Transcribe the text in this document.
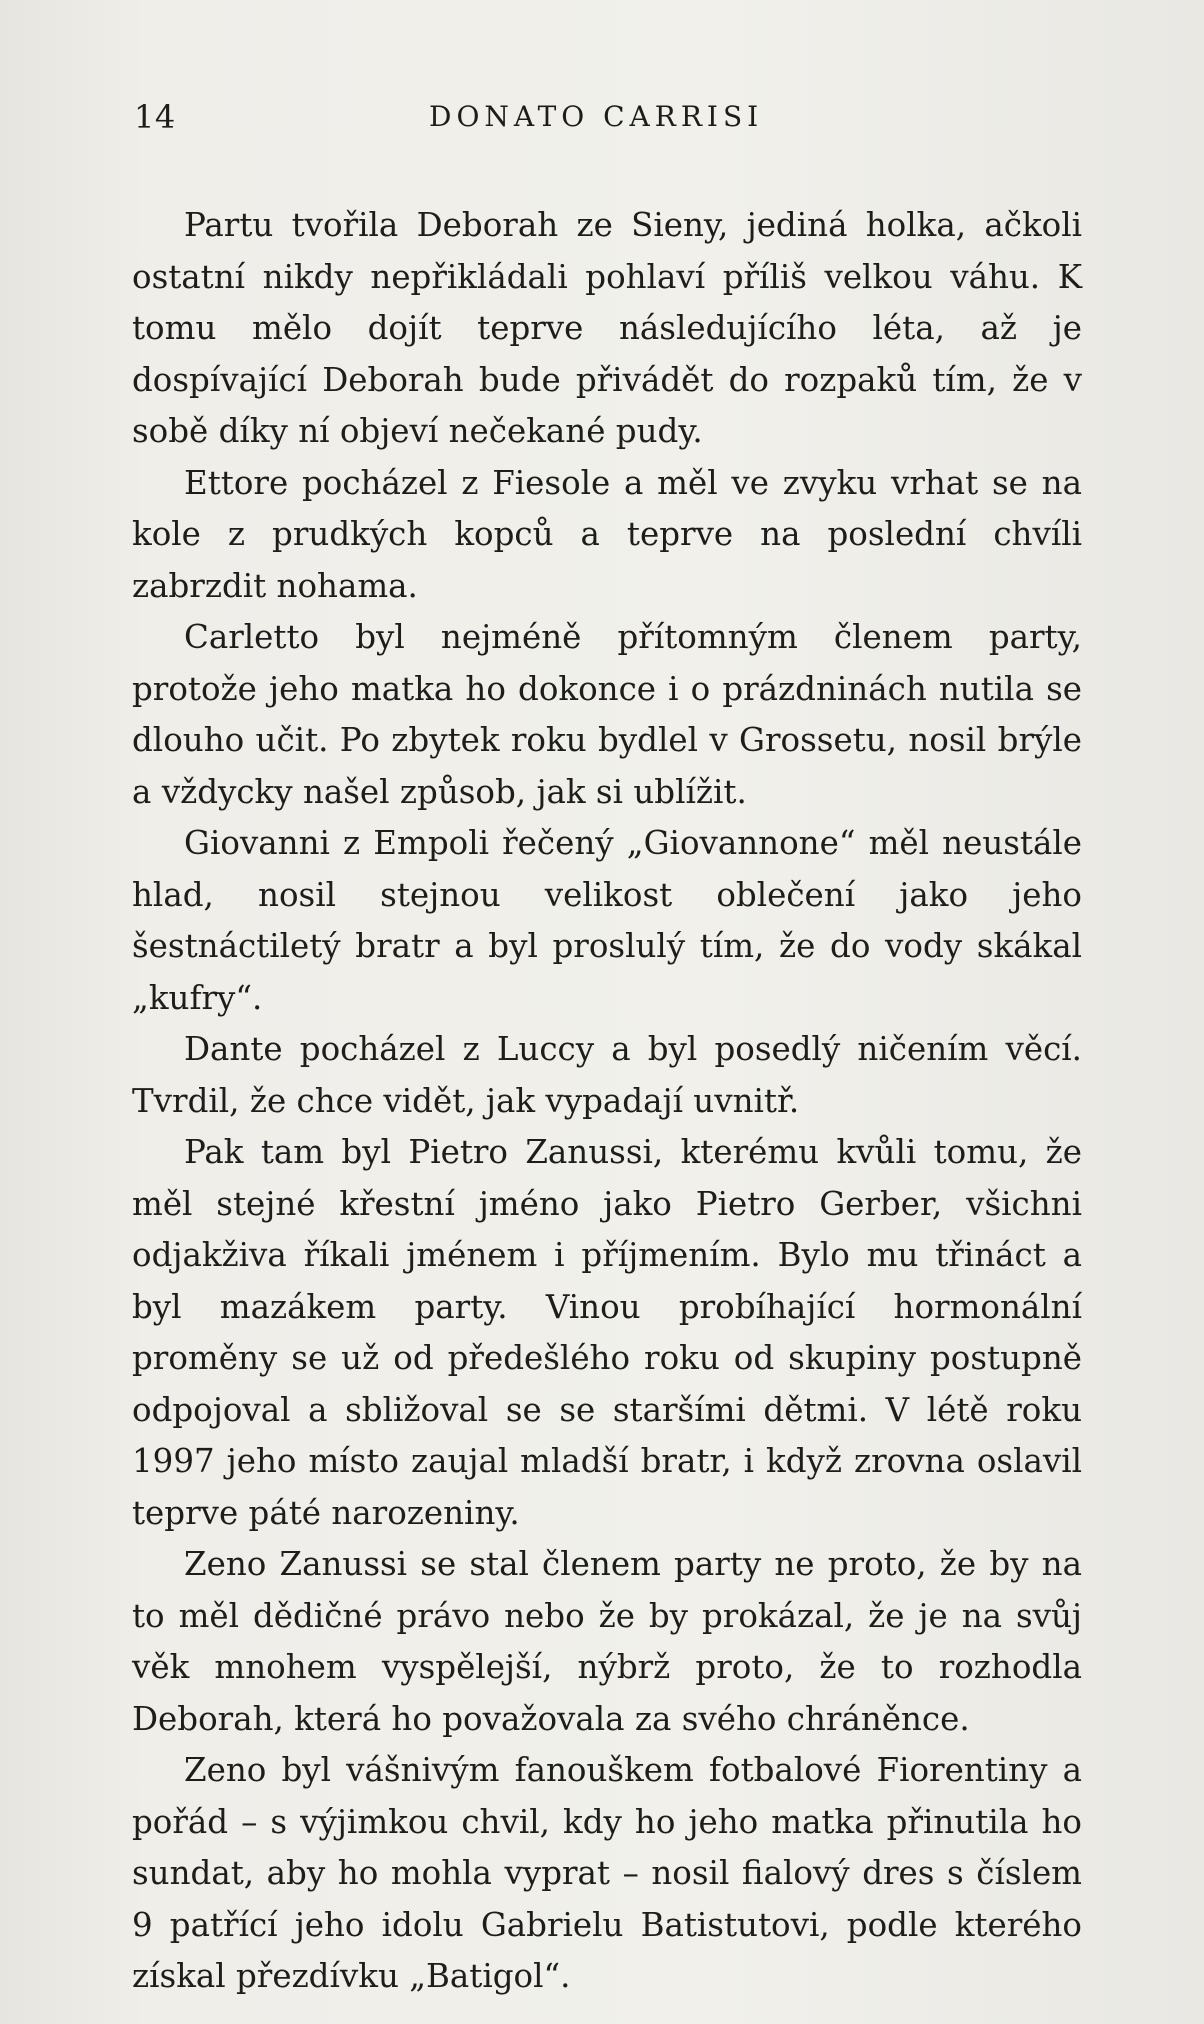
14	DONATO CARRISI

Partu tvořila Deborah ze Sieny, jediná holka, ačkoli ostatní nikdy nepřikládali pohlaví příliš velkou váhu. K tomu mělo dojít teprve následujícího léta, až je dospívající Deborah bude přivádět do rozpaků tím, že v sobě díky ní objeví nečekané pudy.

Ettore pocházel z Fiesole a měl ve zvyku vrhat se na kole z prudkých kopců a teprve na poslední chvíli zabrzdit nohama.

Carletto byl nejméně přítomným členem party, protože jeho matka ho dokonce i o prázdninách nutila se dlouho učit. Po zbytek roku bydlel v Grossetu, nosil brýle a vždycky našel způsob, jak si ublížit.

Giovanni z Empoli řečený „Giovannone“ měl neustále hlad, nosil stejnou velikost oblečení jako jeho šestnáctiletý bratr a byl proslulý tím, že do vody skákal „kufry“.

Dante pocházel z Luccy a byl posedlý ničením věcí. Tvrdil, že chce vidět, jak vypadají uvnitř.

Pak tam byl Pietro Zanussi, kterému kvůli tomu, že měl stejné křestní jméno jako Pietro Gerber, všichni odjakživa říkali jménem i příjmením. Bylo mu třináct a byl mazákem party. Vinou probíhající hormonální proměny se už od předešlého roku od skupiny postupně odpojoval a sbližoval se se staršími dětmi. V létě roku 1997 jeho místo zaujal mladší bratr, i když zrovna oslavil teprve páté narozeniny.

Zeno Zanussi se stal členem party ne proto, že by na to měl dědičné právo nebo že by prokázal, že je na svůj věk mnohem vyspělejší, nýbrž proto, že to rozhodla Deborah, která ho považovala za svého chráněnce.

Zeno byl vášnivým fanouškem fotbalové Fiorentiny a pořád – s výjimkou chvil, kdy ho jeho matka přinutila ho sundat, aby ho mohla vyprat – nosil fialový dres s číslem 9 patřící jeho idolu Gabrielu Batistutovi, podle kterého získal přezdívku „Batigol“.
